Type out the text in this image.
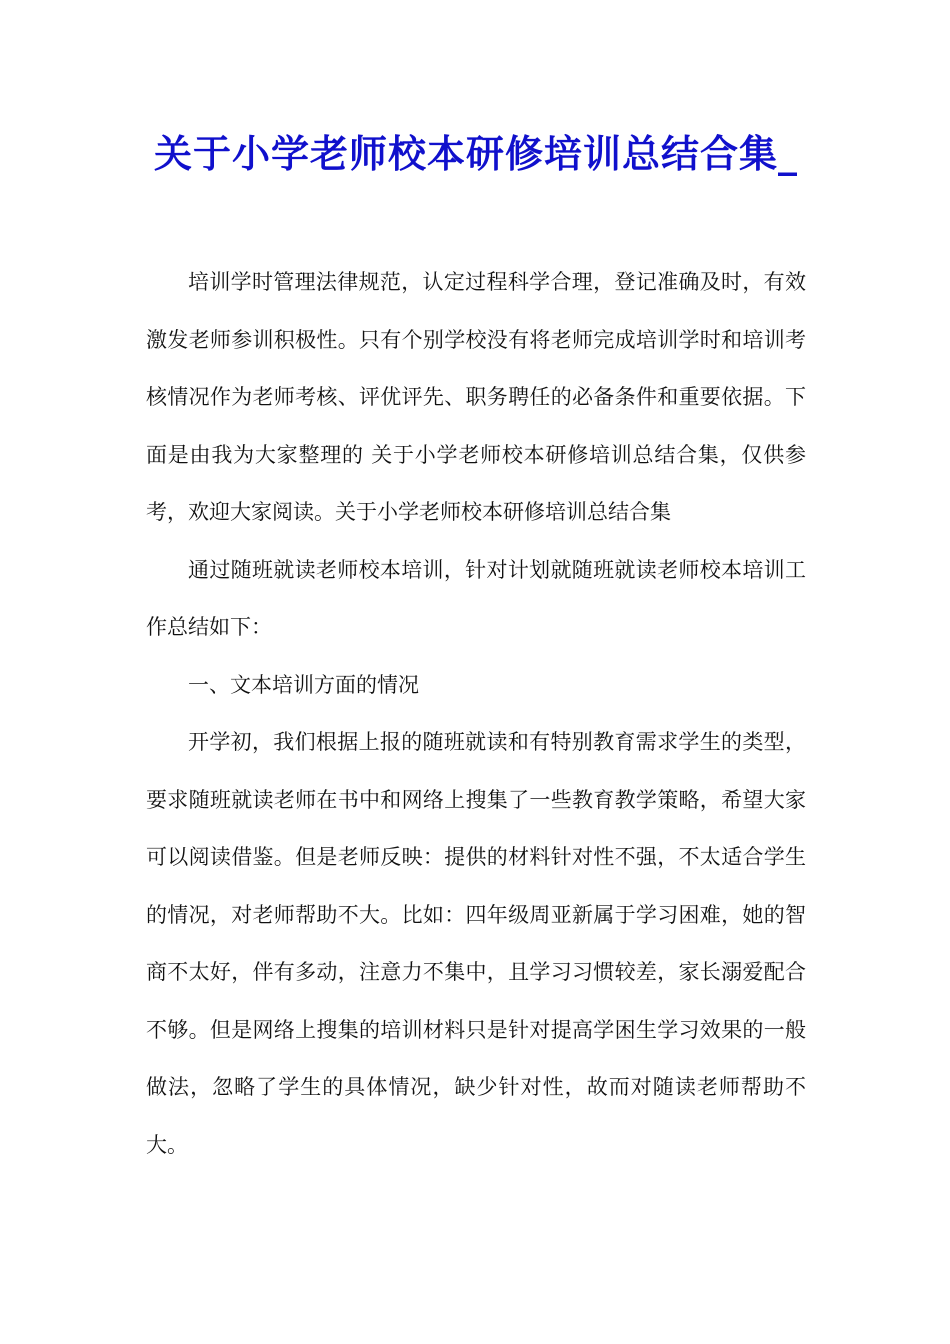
关于小学老师校本研修培训总结合集_

培训学时管理法律规范，认定过程科学合理，登记准确及时，有效激发老师参训积极性。只有个别学校没有将老师完成培训学时和培训考核情况作为老师考核、评优评先、职务聘任的必备条件和重要依据。下面是由我为大家整理的 关于小学老师校本研修培训总结合集，仅供参考，欢迎大家阅读。关于小学老师校本研修培训总结合集

通过随班就读老师校本培训，针对计划就随班就读老师校本培训工作总结如下：

一、文本培训方面的情况

开学初，我们根据上报的随班就读和有特别教育需求学生的类型，要求随班就读老师在书中和网络上搜集了一些教育教学策略，希望大家可以阅读借鉴。但是老师反映：提供的材料针对性不强，不太适合学生的情况，对老师帮助不大。比如：四年级周亚新属于学习困难，她的智商不太好，伴有多动，注意力不集中，且学习习惯较差，家长溺爱配合不够。但是网络上搜集的培训材料只是针对提高学困生学习效果的一般做法，忽略了学生的具体情况，缺少针对性，故而对随读老师帮助不大。
